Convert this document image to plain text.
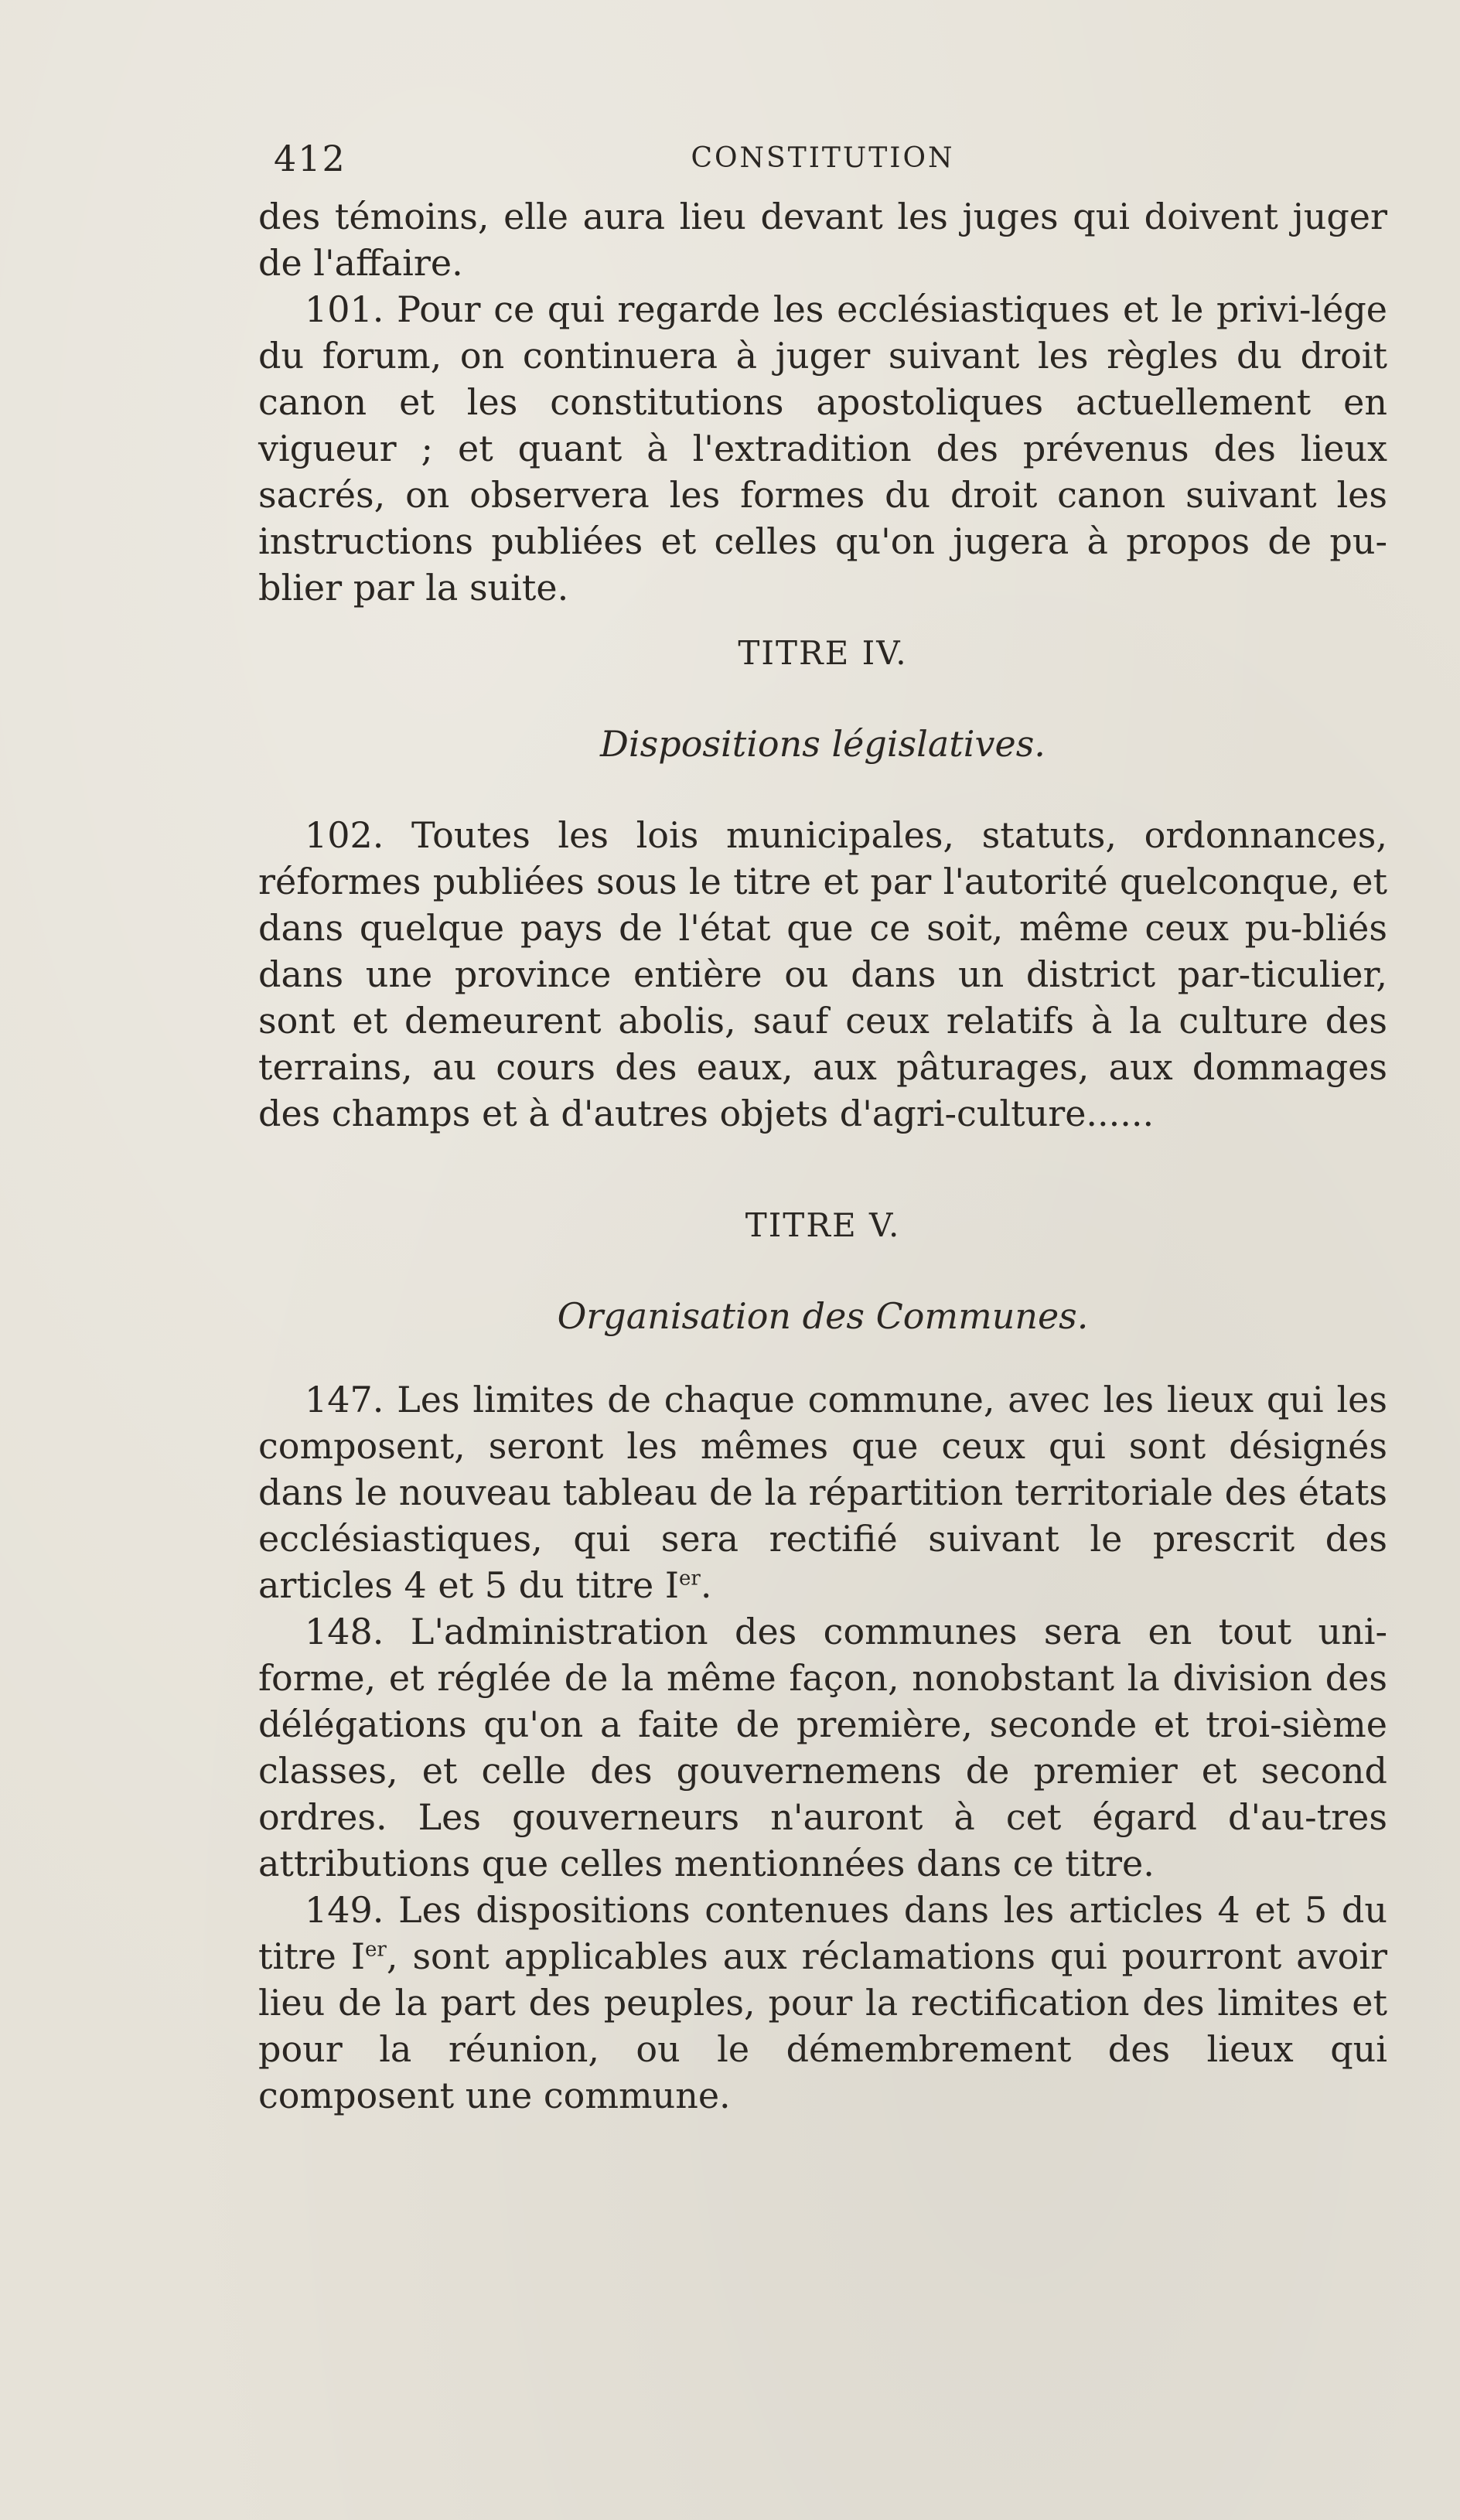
412	CONSTITUTION

des témoins, elle aura lieu devant les juges qui doivent juger de l'affaire.

101. Pour ce qui regarde les ecclésiastiques et le privi-lége du forum, on continuera à juger suivant les règles du droit canon et les constitutions apostoliques actuellement en vigueur ; et quant à l'extradition des prévenus des lieux sacrés, on observera les formes du droit canon suivant les instructions publiées et celles qu'on jugera à propos de pu-blier par la suite.

TITRE IV.
Dispositions législatives.

102. Toutes les lois municipales, statuts, ordonnances, réformes publiées sous le titre et par l'autorité quelconque, et dans quelque pays de l'état que ce soit, même ceux pu-bliés dans une province entière ou dans un district par-ticulier, sont et demeurent abolis, sauf ceux relatifs à la culture des terrains, au cours des eaux, aux pâturages, aux dommages des champs et à d'autres objets d'agri-culture......

TITRE V.
Organisation des Communes.

147. Les limites de chaque commune, avec les lieux qui les composent, seront les mêmes que ceux qui sont désignés dans le nouveau tableau de la répartition territoriale des états ecclésiastiques, qui sera rectifié suivant le prescrit des articles 4 et 5 du titre Ier.

148. L'administration des communes sera en tout uni-forme, et réglée de la même façon, nonobstant la division des délégations qu'on a faite de première, seconde et troi-sième classes, et celle des gouvernemens de premier et second ordres. Les gouverneurs n'auront à cet égard d'au-tres attributions que celles mentionnées dans ce titre.

149. Les dispositions contenues dans les articles 4 et 5 du titre Ier, sont applicables aux réclamations qui pourront avoir lieu de la part des peuples, pour la rectification des limites et pour la réunion, ou le démembrement des lieux qui composent une commune.
